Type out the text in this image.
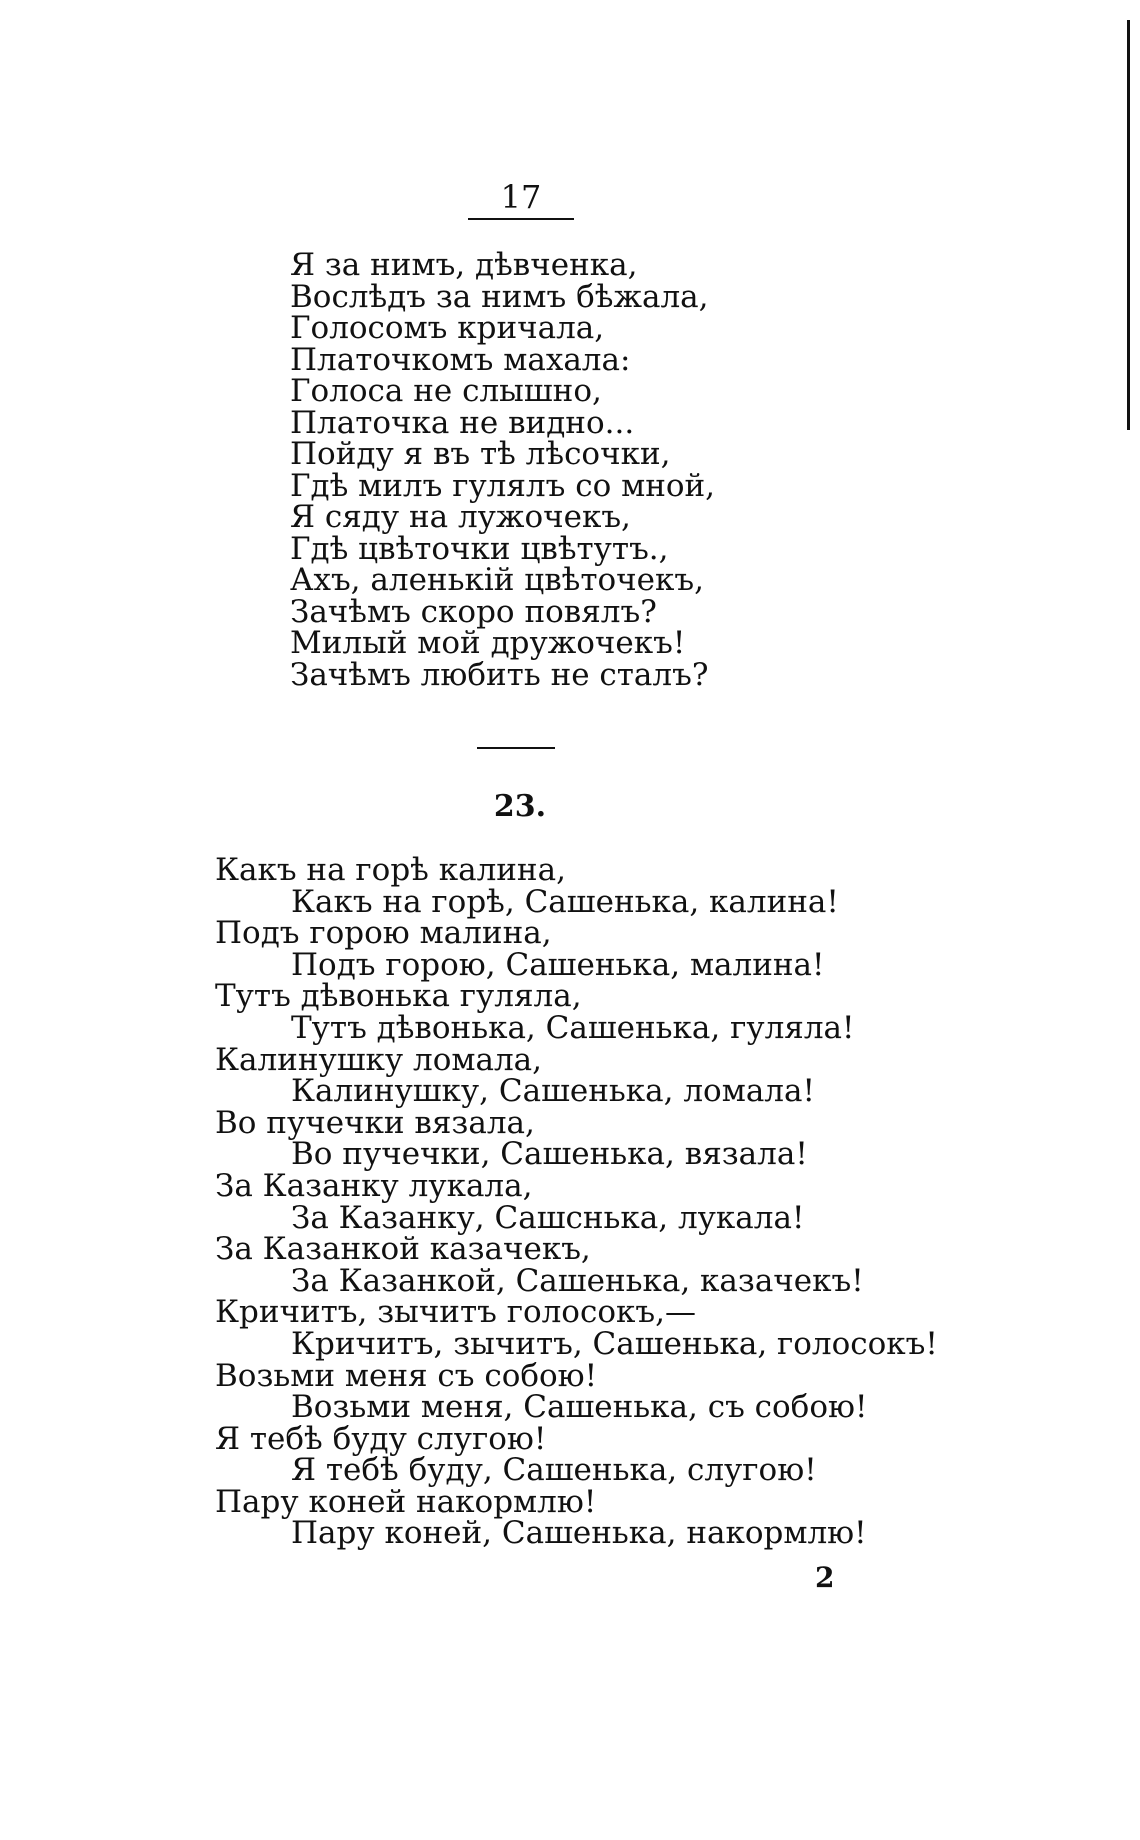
17
Я за нимъ, дѣвченка,
Вослѣдъ за нимъ бѣжала,
Голосомъ кричала,
Платочкомъ махала:
Голоса не слышно,
Платочка не видно...
Пойду я въ тѣ лѣсочки,
Гдѣ милъ гулялъ со мной,
Я сяду на лужочекъ,
Гдѣ цвѣточки цвѣтутъ.,
Ахъ, аленькій цвѣточекъ,
Зачѣмъ скоро повялъ?
Милый мой дружочекъ!
Зачѣмъ любить не сталъ?
23.
Какъ на горѣ калина,
Какъ на горѣ, Сашенька, калина!
Подъ горою малина,
Подъ горою, Сашенька, малина!
Тутъ дѣвонька гуляла,
Тутъ дѣвонька, Сашенька, гуляла!
Калинушку ломала,
Калинушку, Сашенька, ломала!
Во пучечки вязала,
Во пучечки, Сашенька, вязала!
За Казанку лукала,
За Казанку, Сашснька, лукала!
За Казанкой казачекъ,
За Казанкой, Сашенька, казачекъ!
Кричитъ, зычитъ голосокъ,—
Кричитъ, зычитъ, Сашенька, голосокъ!
Возьми меня съ собою!
Возьми меня, Сашенька, съ собою!
Я тебѣ буду слугою!
Я тебѣ буду, Сашенька, слугою!
Пару коней накормлю!
Пару коней, Сашенька, накормлю!
2
